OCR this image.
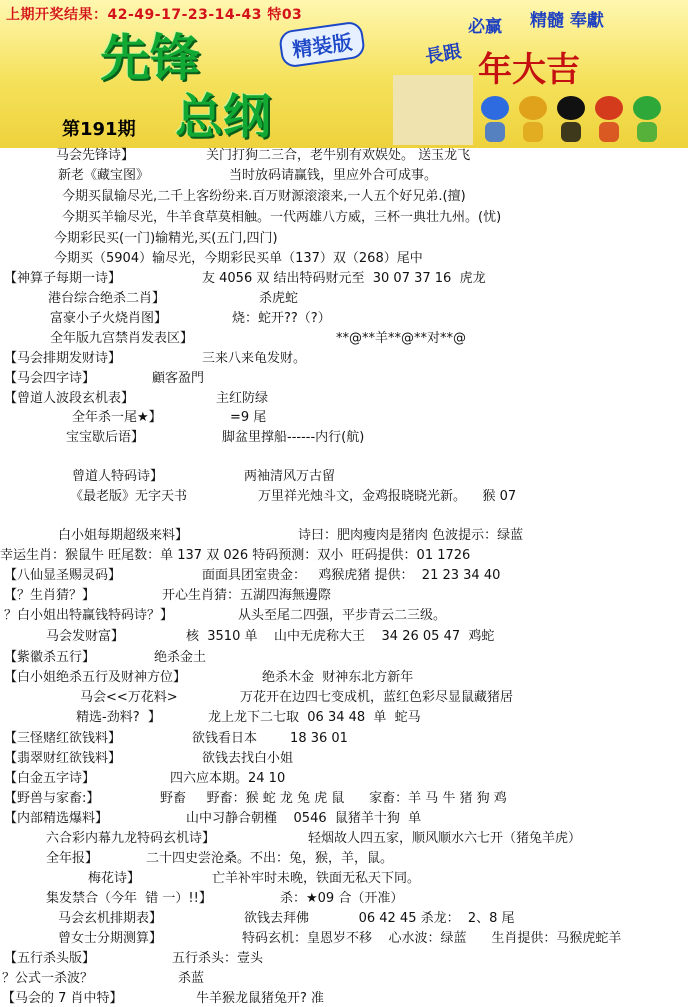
上期开奖结果：42-49-17-23-14-43 特03
先锋
总纲
精装版
第191期
必赢 精髓 奉獻
長跟 年大吉
马会先锋诗】	关门打狗二三合，老牛别有欢娱处。 送玉龙飞
新老《藏宝图》	当时放码请赢钱，里应外合可成事。
今期买鼠输尽光,二千上客纷纷来.百万财源滚滚来,一人五个好兄弟.(擅)
今期买羊输尽光，牛羊食草莫相触。一代两雄八方威，三杯一典壮九州。(忧)
今期彩民买(一门)输精光,买(五门,四门)
今期买（5904）输尽光，今期彩民买单（137）双（268）尾中
【神算子每期一诗】	友 4056 双 结出特码财元至  30 07 37 16  虎龙
港台综合绝杀二肖】	杀虎蛇
富豪小子火烧肖图】	烧：蛇开??（?）
全年版九宫禁肖发表区】	**@**羊**@**对**@
【马会排期发财诗】	三来八来龟发财。
【马会四字诗】	顧客盈門
【曾道人波段玄机表】	主红防绿
全年杀一尾★】	=9 尾
宝宝歇后语】	脚盆里撑船------内行(航)
曾道人特码诗】	两袖清风万古留
《最老版》无字天书	万里祥光烛斗文，金鸡报晓晓光新。    猴 07
白小姐每期超级来料】	诗曰：肥肉瘦肉是猪肉 色波提示：绿蓝
幸运生肖：猴鼠牛 旺尾数：单 137 双 026 特码预测：双小  旺码提供：01 1726
【八仙显圣赐灵码】	面面具团室贵金：   鸡猴虎猪 提供：  21 23 34 40
【？生肖猜？】	开心生肖猜：五湖四海無邊際
？白小姐出特赢钱特码诗？】	从头至尾二四强，平步青云二三级。
马会发财富】	核  3510 单    山中无虎称大王    34 26 05 47  鸡蛇
【紫徽杀五行】	绝杀金土
【白小姐绝杀五行及财神方位】	绝杀木金  财神东北方新年
马会<<万花料>	万花开在边四七变成机，蓝红色彩尽显鼠藏猪居
精选-劲料?  】	龙上龙下二七取  06 34 48  单  蛇马
【三怪赌红欲钱料】	欲钱看日本        18 36 01
【翡翠财红欲钱料】	欲钱去找白小姐
【白金五字诗】	四六应本期。24 10
【野兽与家畜:】	野畜     野畜：猴 蛇 龙 兔 虎 鼠      家畜：羊 马 牛 猪 狗 鸡
【内部精选爆料】	山中习静合朝槿    0546  鼠猪羊十狗  单
六合彩内幕九龙特码玄机诗】	轻烟故人四五家，顺风顺水六七开（猪兔羊虎）
全年报】	二十四史尝沧桑。不出：兔，猴，羊，鼠。
梅花诗】	亡羊补牢时未晚，铁面无私天下同。
集发禁合（今年  错 一）!!】	杀：★09 合（开准）
马会玄机排期表】	欲钱去拜佛            06 42 45 杀龙：  2、8 尾
曾女士分期测算】	特码玄机：皇恩岁不移    心水波：绿蓝      生肖提供：马猴虎蛇羊
【五行杀头版】	五行杀头：壹头
？公式一杀波？	杀蓝
【马会的 7 肖中特】	牛羊猴龙鼠猪兔开? 准
